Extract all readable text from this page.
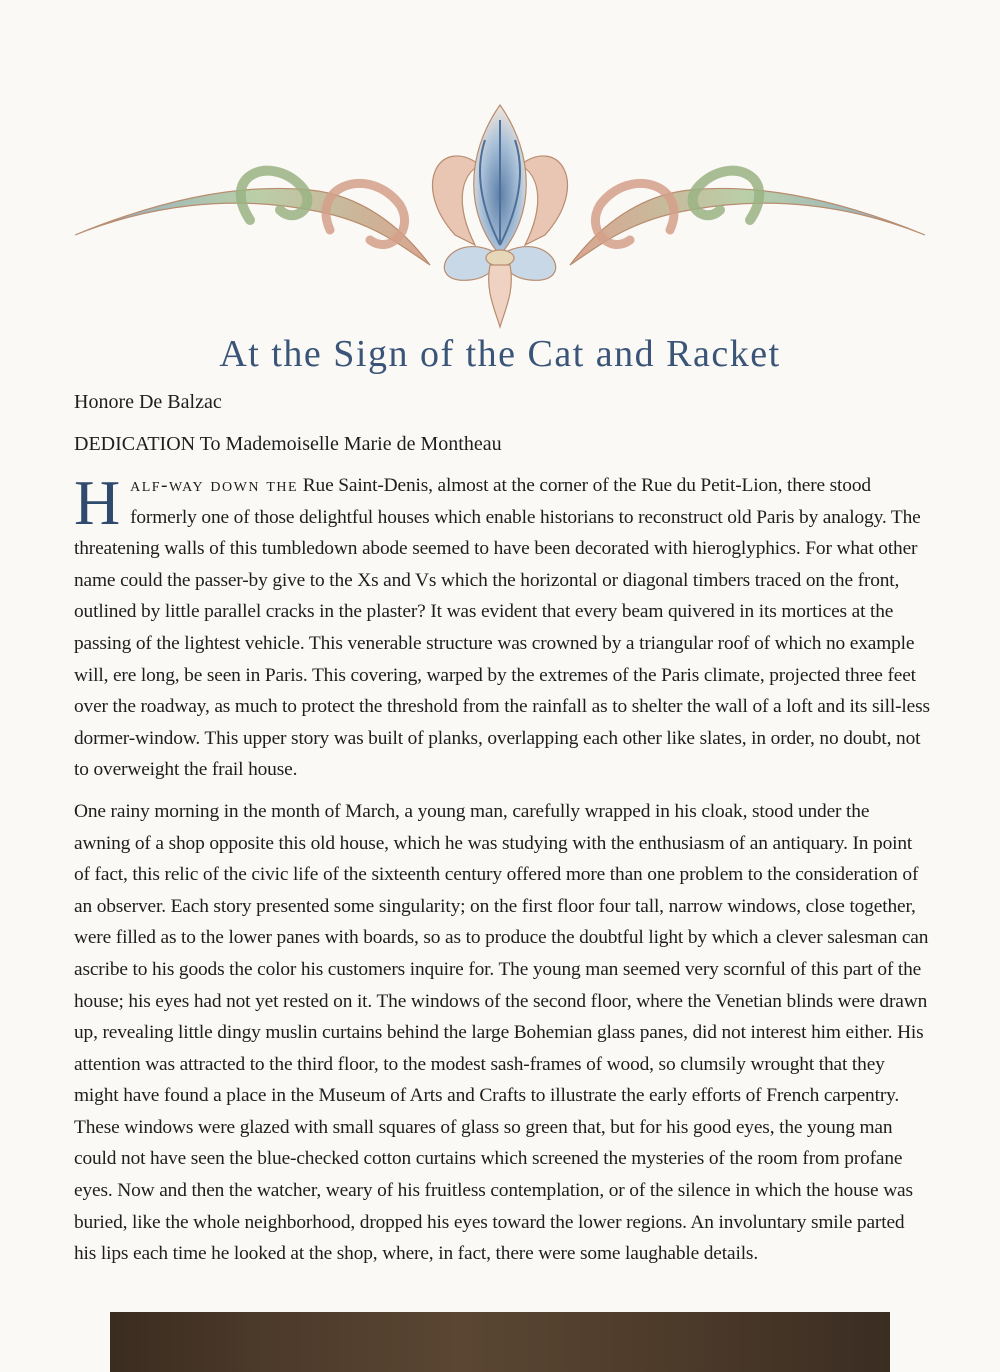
At the Sign of the Cat and Racket
Honore De Balzac
DEDICATION To Mademoiselle Marie de Montheau

Half-way down the Rue Saint-Denis, almost at the corner of the Rue du Petit-Lion, there stood formerly one of those delightful houses which enable historians to reconstruct old Paris by analogy. The threatening walls of this tumbledown abode seemed to have been decorated with hieroglyphics. For what other name could the passer-by give to the Xs and Vs which the horizontal or diagonal timbers traced on the front, outlined by little parallel cracks in the plaster? It was evident that every beam quivered in its mortices at the passing of the lightest vehicle. This venerable structure was crowned by a triangular roof of which no example will, ere long, be seen in Paris. This covering, warped by the extremes of the Paris climate, projected three feet over the roadway, as much to protect the threshold from the rainfall as to shelter the wall of a loft and its sill-less dormer-window. This upper story was built of planks, overlapping each other like slates, in order, no doubt, not to overweight the frail house.

One rainy morning in the month of March, a young man, carefully wrapped in his cloak, stood under the awning of a shop opposite this old house, which he was studying with the enthusiasm of an antiquary. In point of fact, this relic of the civic life of the sixteenth century offered more than one problem to the consideration of an observer. Each story presented some singularity; on the first floor four tall, narrow windows, close together, were filled as to the lower panes with boards, so as to produce the doubtful light by which a clever salesman can ascribe to his goods the color his customers inquire for. The young man seemed very scornful of this part of the house; his eyes had not yet rested on it. The windows of the second floor, where the Venetian blinds were drawn up, revealing little dingy muslin curtains behind the large Bohemian glass panes, did not interest him either. His attention was attracted to the third floor, to the modest sash-frames of wood, so clumsily wrought that they might have found a place in the Museum of Arts and Crafts to illustrate the early efforts of French carpentry. These windows were glazed with small squares of glass so green that, but for his good eyes, the young man could not have seen the blue-checked cotton curtains which screened the mysteries of the room from profane eyes. Now and then the watcher, weary of his fruitless contemplation, or of the silence in which the house was buried, like the whole neighborhood, dropped his eyes toward the lower regions. An involuntary smile parted his lips each time he looked at the shop, where, in fact, there were some laughable details.
